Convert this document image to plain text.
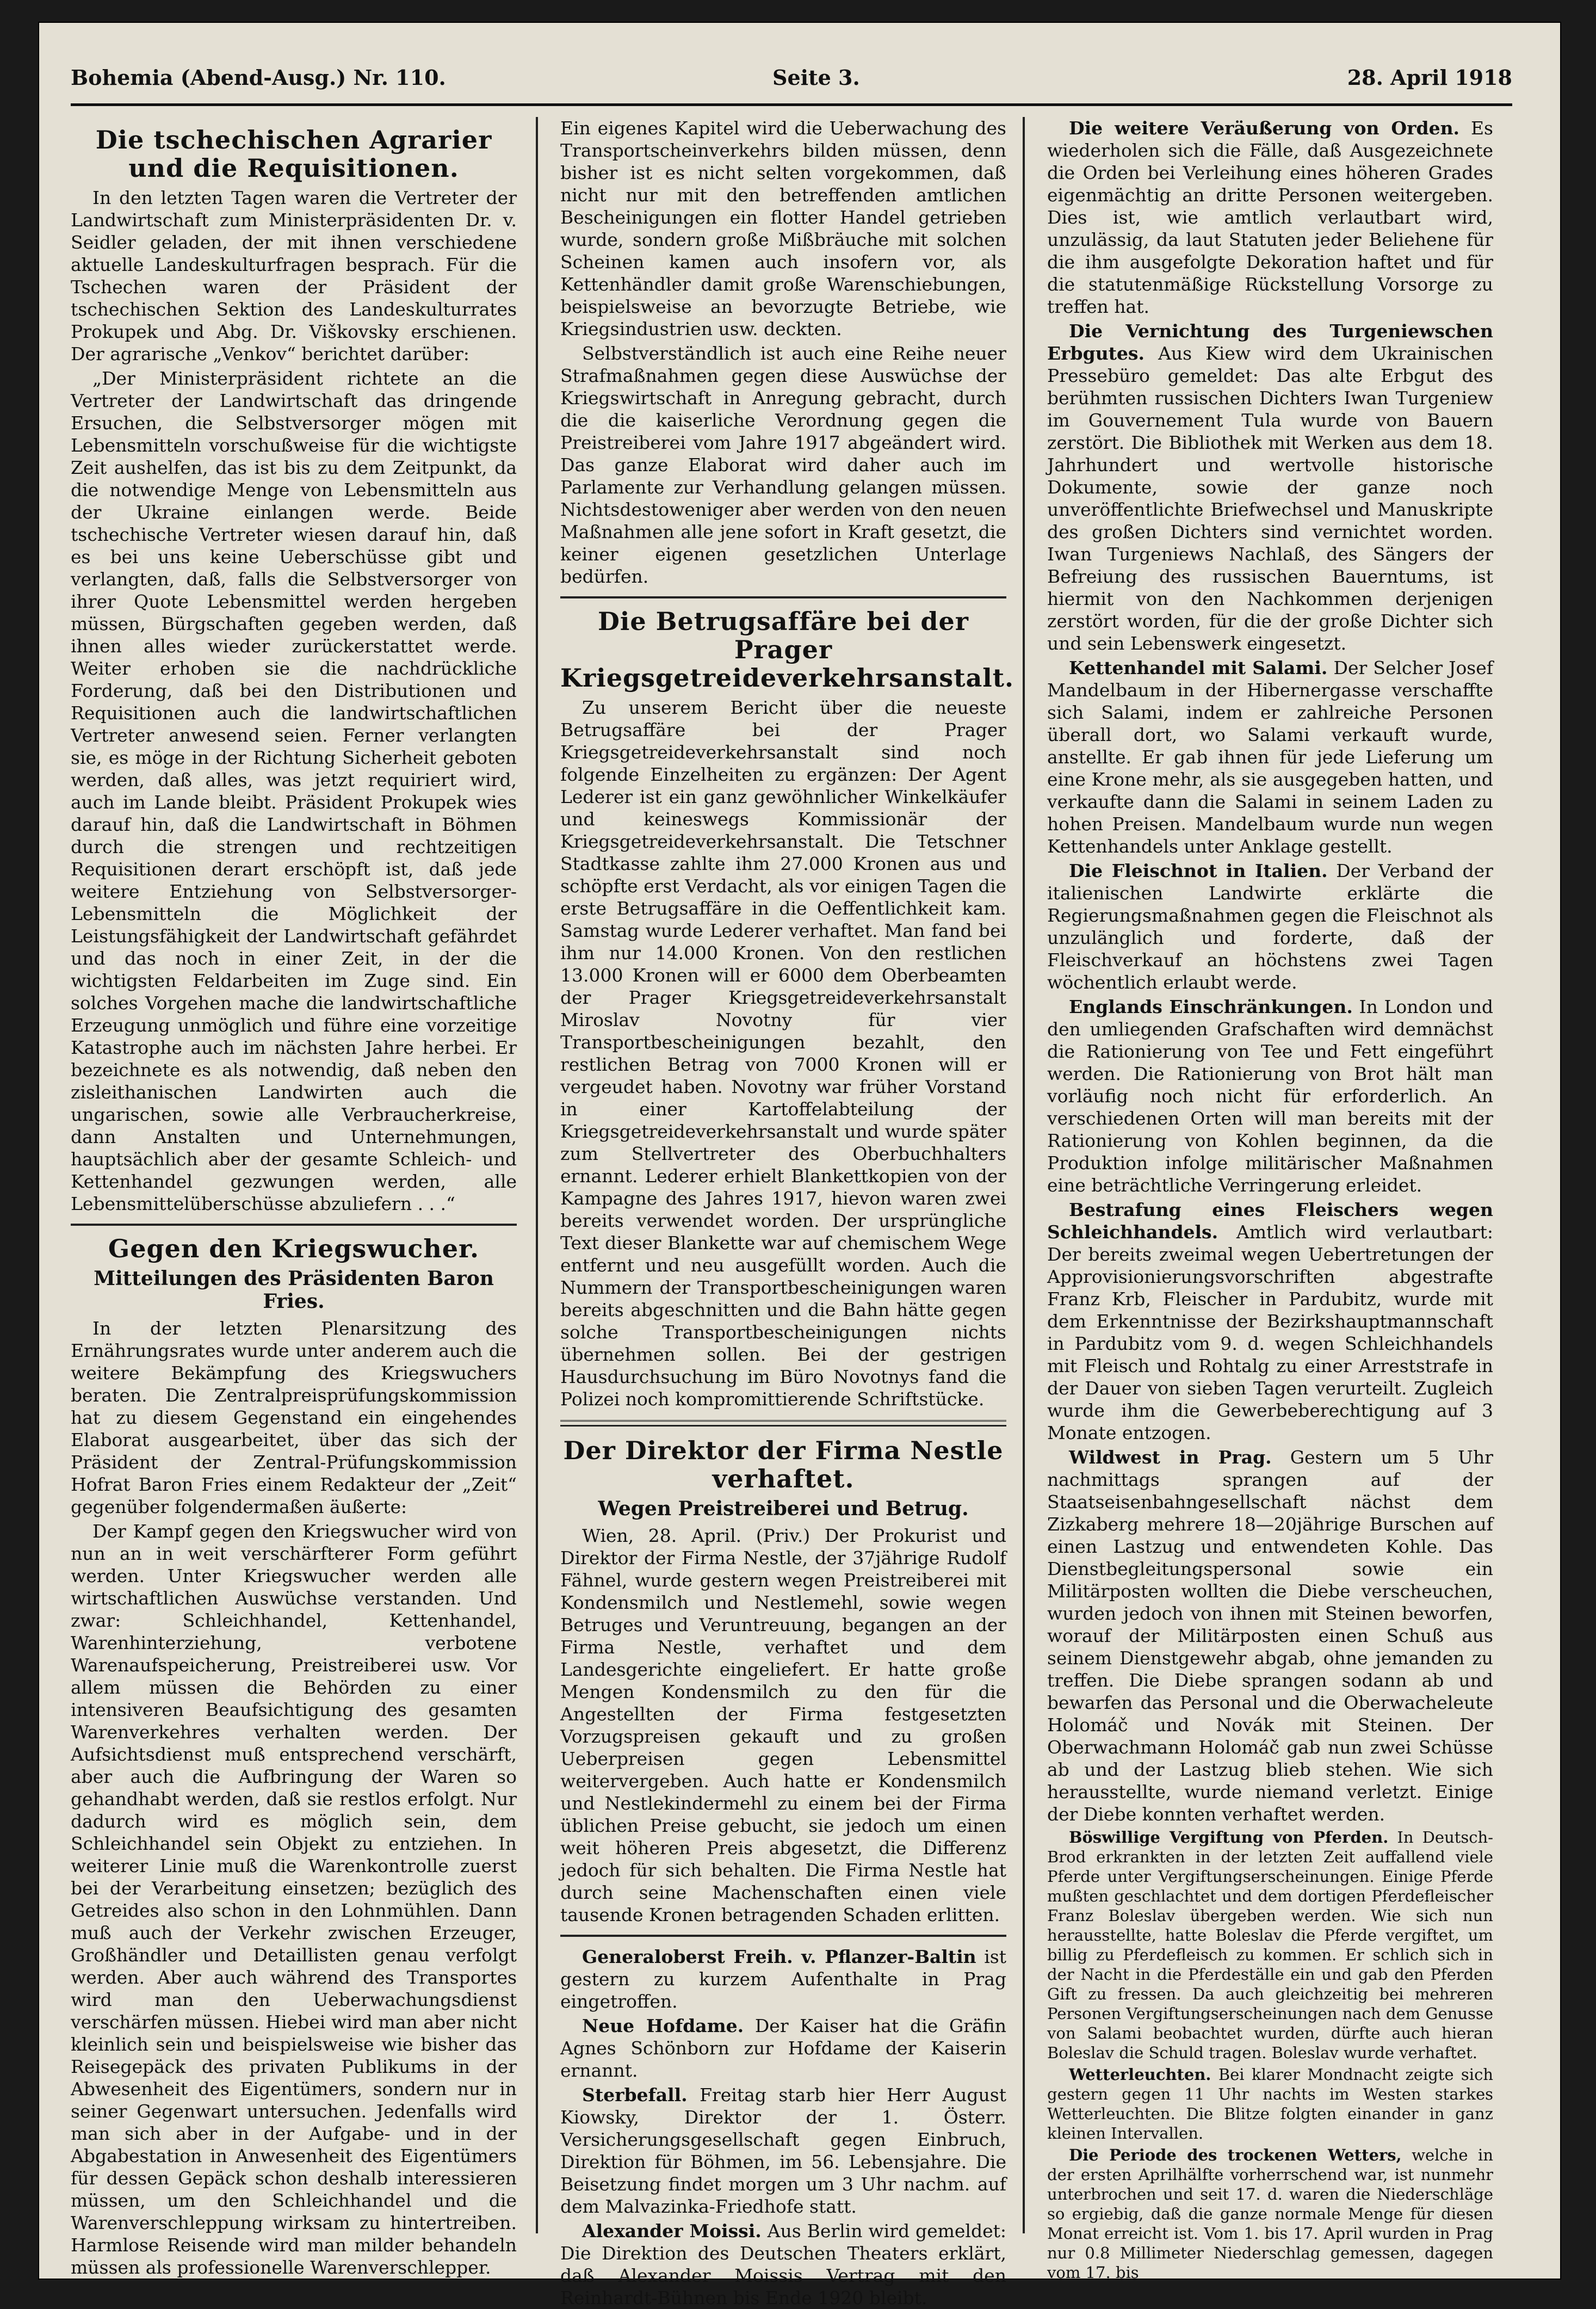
Bohemia (Abend-Ausg.) Nr. 110.	Seite 3.	28. April 1918
Die tschechischen Agrarier und die Requisitionen.

In den letzten Tagen waren die Vertreter der Landwirtschaft zum Ministerpräsidenten Dr. v. Seidler geladen, der mit ihnen verschiedene aktuelle Landeskulturfragen besprach. Für die Tschechen waren der Präsident der tschechischen Sektion des Landeskulturrates Prokupek und Abg. Dr. Viškovsky erschienen. Der agrarische „Venkov“ berichtet darüber:

„Der Ministerpräsident richtete an die Vertreter der Landwirtschaft das dringende Ersuchen, die Selbstversorger mögen mit Lebensmitteln vorschußweise für die wichtigste Zeit aushelfen, das ist bis zu dem Zeitpunkt, da die notwendige Menge von Lebensmitteln aus der Ukraine einlangen werde. Beide tschechische Vertreter wiesen darauf hin, daß es bei uns keine Ueberschüsse gibt und verlangten, daß, falls die Selbstversorger von ihrer Quote Lebensmittel werden hergeben müssen, Bürgschaften gegeben werden, daß ihnen alles wieder zurückerstattet werde. Weiter erhoben sie die nachdrückliche Forderung, daß bei den Distributionen und Requisitionen auch die landwirtschaftlichen Vertreter anwesend seien. Ferner verlangten sie, es möge in der Richtung Sicherheit geboten werden, daß alles, was jetzt requiriert wird, auch im Lande bleibt. Präsident Prokupek wies darauf hin, daß die Landwirtschaft in Böhmen durch die strengen und rechtzeitigen Requisitionen derart erschöpft ist, daß jede weitere Entziehung von Selbstversorger-Lebensmitteln die Möglichkeit der Leistungsfähigkeit der Landwirtschaft gefährdet und das noch in einer Zeit, in der die wichtigsten Feldarbeiten im Zuge sind. Ein solches Vorgehen mache die landwirtschaftliche Erzeugung unmöglich und führe eine vorzeitige Katastrophe auch im nächsten Jahre herbei. Er bezeichnete es als notwendig, daß neben den zisleithanischen Landwirten auch die ungarischen, sowie alle Verbraucherkreise, dann Anstalten und Unternehmungen, hauptsächlich aber der gesamte Schleich- und Kettenhandel gezwungen werden, alle Lebensmittelüberschüsse abzuliefern . . .“

Gegen den Kriegswucher.
Mitteilungen des Präsidenten Baron Fries.

In der letzten Plenarsitzung des Ernährungsrates wurde unter anderem auch die weitere Bekämpfung des Kriegswuchers beraten. Die Zentralpreisprüfungskommission hat zu diesem Gegenstand ein eingehendes Elaborat ausgearbeitet, über das sich der Präsident der Zentral-Prüfungskommission Hofrat Baron Fries einem Redakteur der „Zeit“ gegenüber folgendermaßen äußerte:

Der Kampf gegen den Kriegswucher wird von nun an in weit verschärfterer Form geführt werden. Unter Kriegswucher werden alle wirtschaftlichen Auswüchse verstanden. Und zwar: Schleichhandel, Kettenhandel, Warenhinterziehung, verbotene Warenaufspeicherung, Preistreiberei usw. Vor allem müssen die Behörden zu einer intensiveren Beaufsichtigung des gesamten Warenverkehres verhalten werden. Der Aufsichtsdienst muß entsprechend verschärft, aber auch die Aufbringung der Waren so gehandhabt werden, daß sie restlos erfolgt. Nur dadurch wird es möglich sein, dem Schleichhandel sein Objekt zu entziehen. In weiterer Linie muß die Warenkontrolle zuerst bei der Verarbeitung einsetzen; bezüglich des Getreides also schon in den Lohnmühlen. Dann muß auch der Verkehr zwischen Erzeuger, Großhändler und Detaillisten genau verfolgt werden. Aber auch während des Transportes wird man den Ueberwachungsdienst verschärfen müssen. Hiebei wird man aber nicht kleinlich sein und beispielsweise wie bisher das Reisegepäck des privaten Publikums in der Abwesenheit des Eigentümers, sondern nur in seiner Gegenwart untersuchen. Jedenfalls wird man sich aber in der Aufgabe- und in der Abgabestation in Anwesenheit des Eigentümers für dessen Gepäck schon deshalb interessieren müssen, um den Schleichhandel und die Warenverschleppung wirksam zu hintertreiben. Harmlose Reisende wird man milder behandeln müssen als professionelle Warenverschlepper.

Ein eigenes Kapitel wird die Ueberwachung des Transportscheinverkehrs bilden müssen, denn bisher ist es nicht selten vorgekommen, daß nicht nur mit den betreffenden amtlichen Bescheinigungen ein flotter Handel getrieben wurde, sondern große Mißbräuche mit solchen Scheinen kamen auch insofern vor, als Kettenhändler damit große Warenschiebungen, beispielsweise an bevorzugte Betriebe, wie Kriegsindustrien usw. deckten.

Selbstverständlich ist auch eine Reihe neuer Strafmaßnahmen gegen diese Auswüchse der Kriegswirtschaft in Anregung gebracht, durch die die kaiserliche Verordnung gegen die Preistreiberei vom Jahre 1917 abgeändert wird. Das ganze Elaborat wird daher auch im Parlamente zur Verhandlung gelangen müssen. Nichtsdestoweniger aber werden von den neuen Maßnahmen alle jene sofort in Kraft gesetzt, die keiner eigenen gesetzlichen Unterlage bedürfen.

Die Betrugsaffäre bei der Prager Kriegsgetreideverkehrsanstalt.

Zu unserem Bericht über die neueste Betrugsaffäre bei der Prager Kriegsgetreideverkehrsanstalt sind noch folgende Einzelheiten zu ergänzen: Der Agent Lederer ist ein ganz gewöhnlicher Winkelkäufer und keineswegs Kommissionär der Kriegsgetreideverkehrsanstalt. Die Tetschner Stadtkasse zahlte ihm 27.000 Kronen aus und schöpfte erst Verdacht, als vor einigen Tagen die erste Betrugsaffäre in die Oeffentlichkeit kam. Samstag wurde Lederer verhaftet. Man fand bei ihm nur 14.000 Kronen. Von den restlichen 13.000 Kronen will er 6000 dem Oberbeamten der Prager Kriegsgetreideverkehrsanstalt Miroslav Novotny für vier Transportbescheinigungen bezahlt, den restlichen Betrag von 7000 Kronen will er vergeudet haben. Novotny war früher Vorstand in einer Kartoffelabteilung der Kriegsgetreideverkehrsanstalt und wurde später zum Stellvertreter des Oberbuchhalters ernannt. Lederer erhielt Blankettkopien von der Kampagne des Jahres 1917, hievon waren zwei bereits verwendet worden. Der ursprüngliche Text dieser Blankette war auf chemischem Wege entfernt und neu ausgefüllt worden. Auch die Nummern der Transportbescheinigungen waren bereits abgeschnitten und die Bahn hätte gegen solche Transportbescheinigungen nichts übernehmen sollen. Bei der gestrigen Hausdurchsuchung im Büro Novotnys fand die Polizei noch kompromittierende Schriftstücke.

Der Direktor der Firma Nestle verhaftet.
Wegen Preistreiberei und Betrug.

Wien, 28. April. (Priv.) Der Prokurist und Direktor der Firma Nestle, der 37jährige Rudolf Fähnel, wurde gestern wegen Preistreiberei mit Kondensmilch und Nestlemehl, sowie wegen Betruges und Veruntreuung, begangen an der Firma Nestle, verhaftet und dem Landesgerichte eingeliefert. Er hatte große Mengen Kondensmilch zu den für die Angestellten der Firma festgesetzten Vorzugspreisen gekauft und zu großen Ueberpreisen gegen Lebensmittel weitervergeben. Auch hatte er Kondensmilch und Nestlekindermehl zu einem bei der Firma üblichen Preise gebucht, sie jedoch um einen weit höheren Preis abgesetzt, die Differenz jedoch für sich behalten. Die Firma Nestle hat durch seine Machenschaften einen viele tausende Kronen betragenden Schaden erlitten.

Generaloberst Freih. v. Pflanzer-Baltin ist gestern zu kurzem Aufenthalte in Prag eingetroffen.

Neue Hofdame. Der Kaiser hat die Gräfin Agnes Schönborn zur Hofdame der Kaiserin ernannt.

Sterbefall. Freitag starb hier Herr August Kiowsky, Direktor der 1. Österr. Versicherungsgesellschaft gegen Einbruch, Direktion für Böhmen, im 56. Lebensjahre. Die Beisetzung findet morgen um 3 Uhr nachm. auf dem Malvazinka-Friedhofe statt.

Alexander Moissi. Aus Berlin wird gemeldet: Die Direktion des Deutschen Theaters erklärt, daß Alexander Moissis Vertrag mit den Reinhardt-Bühnen bis Ende 1920 bleibt.

Die weitere Veräußerung von Orden. Es wiederholen sich die Fälle, daß Ausgezeichnete die Orden bei Verleihung eines höheren Grades eigenmächtig an dritte Personen weitergeben. Dies ist, wie amtlich verlautbart wird, unzulässig, da laut Statuten jeder Beliehene für die ihm ausgefolgte Dekoration haftet und für die statutenmäßige Rückstellung Vorsorge zu treffen hat.

Die Vernichtung des Turgeniewschen Erbgutes. Aus Kiew wird dem Ukrainischen Pressebüro gemeldet: Das alte Erbgut des berühmten russischen Dichters Iwan Turgeniew im Gouvernement Tula wurde von Bauern zerstört. Die Bibliothek mit Werken aus dem 18. Jahrhundert und wertvolle historische Dokumente, sowie der ganze noch unveröffentlichte Briefwechsel und Manuskripte des großen Dichters sind vernichtet worden. Iwan Turgeniews Nachlaß, des Sängers der Befreiung des russischen Bauerntums, ist hiermit von den Nachkommen derjenigen zerstört worden, für die der große Dichter sich und sein Lebenswerk eingesetzt.

Kettenhandel mit Salami. Der Selcher Josef Mandelbaum in der Hibernergasse verschaffte sich Salami, indem er zahlreiche Personen überall dort, wo Salami verkauft wurde, anstellte. Er gab ihnen für jede Lieferung um eine Krone mehr, als sie ausgegeben hatten, und verkaufte dann die Salami in seinem Laden zu hohen Preisen. Mandelbaum wurde nun wegen Kettenhandels unter Anklage gestellt.

Die Fleischnot in Italien. Der Verband der italienischen Landwirte erklärte die Regierungsmaßnahmen gegen die Fleischnot als unzulänglich und forderte, daß der Fleischverkauf an höchstens zwei Tagen wöchentlich erlaubt werde.

Englands Einschränkungen. In London und den umliegenden Grafschaften wird demnächst die Rationierung von Tee und Fett eingeführt werden. Die Rationierung von Brot hält man vorläufig noch nicht für erforderlich. An verschiedenen Orten will man bereits mit der Rationierung von Kohlen beginnen, da die Produktion infolge militärischer Maßnahmen eine beträchtliche Verringerung erleidet.

Bestrafung eines Fleischers wegen Schleichhandels. Amtlich wird verlautbart: Der bereits zweimal wegen Uebertretungen der Approvisionierungsvorschriften abgestrafte Franz Krb, Fleischer in Pardubitz, wurde mit dem Erkenntnisse der Bezirkshauptmannschaft in Pardubitz vom 9. d. wegen Schleichhandels mit Fleisch und Rohtalg zu einer Arreststrafe in der Dauer von sieben Tagen verurteilt. Zugleich wurde ihm die Gewerbeberechtigung auf 3 Monate entzogen.

Wildwest in Prag. Gestern um 5 Uhr nachmittags sprangen auf der Staatseisenbahngesellschaft nächst dem Zizkaberg mehrere 18—20jährige Burschen auf einen Lastzug und entwendeten Kohle. Das Dienstbegleitungspersonal sowie ein Militärposten wollten die Diebe verscheuchen, wurden jedoch von ihnen mit Steinen beworfen, worauf der Militärposten einen Schuß aus seinem Dienstgewehr abgab, ohne jemanden zu treffen. Die Diebe sprangen sodann ab und bewarfen das Personal und die Oberwacheleute Holomáč und Novák mit Steinen. Der Oberwachmann Holomáč gab nun zwei Schüsse ab und der Lastzug blieb stehen. Wie sich herausstellte, wurde niemand verletzt. Einige der Diebe konnten verhaftet werden.

Böswillige Vergiftung von Pferden. In Deutsch-Brod erkrankten in der letzten Zeit auffallend viele Pferde unter Vergiftungserscheinungen. Einige Pferde mußten geschlachtet und dem dortigen Pferdefleischer Franz Boleslav übergeben werden. Wie sich nun herausstellte, hatte Boleslav die Pferde vergiftet, um billig zu Pferdefleisch zu kommen. Er schlich sich in der Nacht in die Pferdeställe ein und gab den Pferden Gift zu fressen. Da auch gleichzeitig bei mehreren Personen Vergiftungserscheinungen nach dem Genusse von Salami beobachtet wurden, dürfte auch hieran Boleslav die Schuld tragen. Boleslav wurde verhaftet.

Wetterleuchten. Bei klarer Mondnacht zeigte sich gestern gegen 11 Uhr nachts im Westen starkes Wetterleuchten. Die Blitze folgten einander in ganz kleinen Intervallen.

Die Periode des trockenen Wetters, welche in der ersten Aprilhälfte vorherrschend war, ist nunmehr unterbrochen und seit 17. d. waren die Niederschläge so ergiebig, daß die ganze normale Menge für diesen Monat erreicht ist. Vom 1. bis 17. April wurden in Prag nur 0.8 Millimeter Niederschlag gemessen, dagegen vom 17. bis
